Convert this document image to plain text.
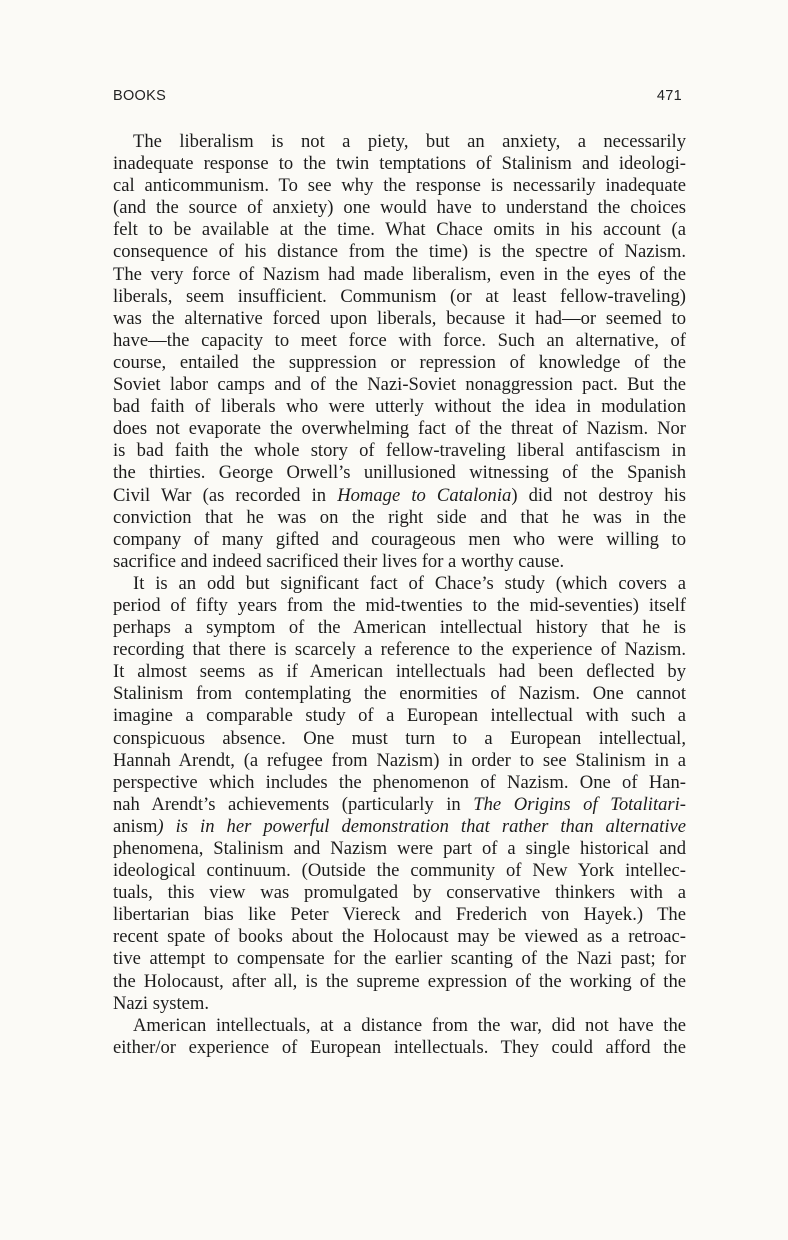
BOOKS	471
The liberalism is not a piety, but an anxiety, a necessarily
inadequate response to the twin temptations of Stalinism and ideologi-
cal anticommunism. To see why the response is necessarily inadequate
(and the source of anxiety) one would have to understand the choices
felt to be available at the time. What Chace omits in his account (a
consequence of his distance from the time) is the spectre of Nazism.
The very force of Nazism had made liberalism, even in the eyes of the
liberals, seem insufficient. Communism (or at least fellow-traveling)
was the alternative forced upon liberals, because it had—or seemed to
have—the capacity to meet force with force. Such an alternative, of
course, entailed the suppression or repression of knowledge of the
Soviet labor camps and of the Nazi-Soviet nonaggression pact. But the
bad faith of liberals who were utterly without the idea in modulation
does not evaporate the overwhelming fact of the threat of Nazism. Nor
is bad faith the whole story of fellow-traveling liberal antifascism in
the thirties. George Orwell’s unillusioned witnessing of the Spanish
Civil War (as recorded in Homage to Catalonia) did not destroy his
conviction that he was on the right side and that he was in the
company of many gifted and courageous men who were willing to
sacrifice and indeed sacrificed their lives for a worthy cause.
It is an odd but significant fact of Chace’s study (which covers a
period of fifty years from the mid-twenties to the mid-seventies) itself
perhaps a symptom of the American intellectual history that he is
recording that there is scarcely a reference to the experience of Nazism.
It almost seems as if American intellectuals had been deflected by
Stalinism from contemplating the enormities of Nazism. One cannot
imagine a comparable study of a European intellectual with such a
conspicuous absence. One must turn to a European intellectual,
Hannah Arendt, (a refugee from Nazism) in order to see Stalinism in a
perspective which includes the phenomenon of Nazism. One of Han-
nah Arendt’s achievements (particularly in The Origins of Totalitari-
anism) is in her powerful demonstration that rather than alternative
phenomena, Stalinism and Nazism were part of a single historical and
ideological continuum. (Outside the community of New York intellec-
tuals, this view was promulgated by conservative thinkers with a
libertarian bias like Peter Viereck and Frederich von Hayek.) The
recent spate of books about the Holocaust may be viewed as a retroac-
tive attempt to compensate for the earlier scanting of the Nazi past; for
the Holocaust, after all, is the supreme expression of the working of the
Nazi system.
American intellectuals, at a distance from the war, did not have the
either/or experience of European intellectuals. They could afford the
